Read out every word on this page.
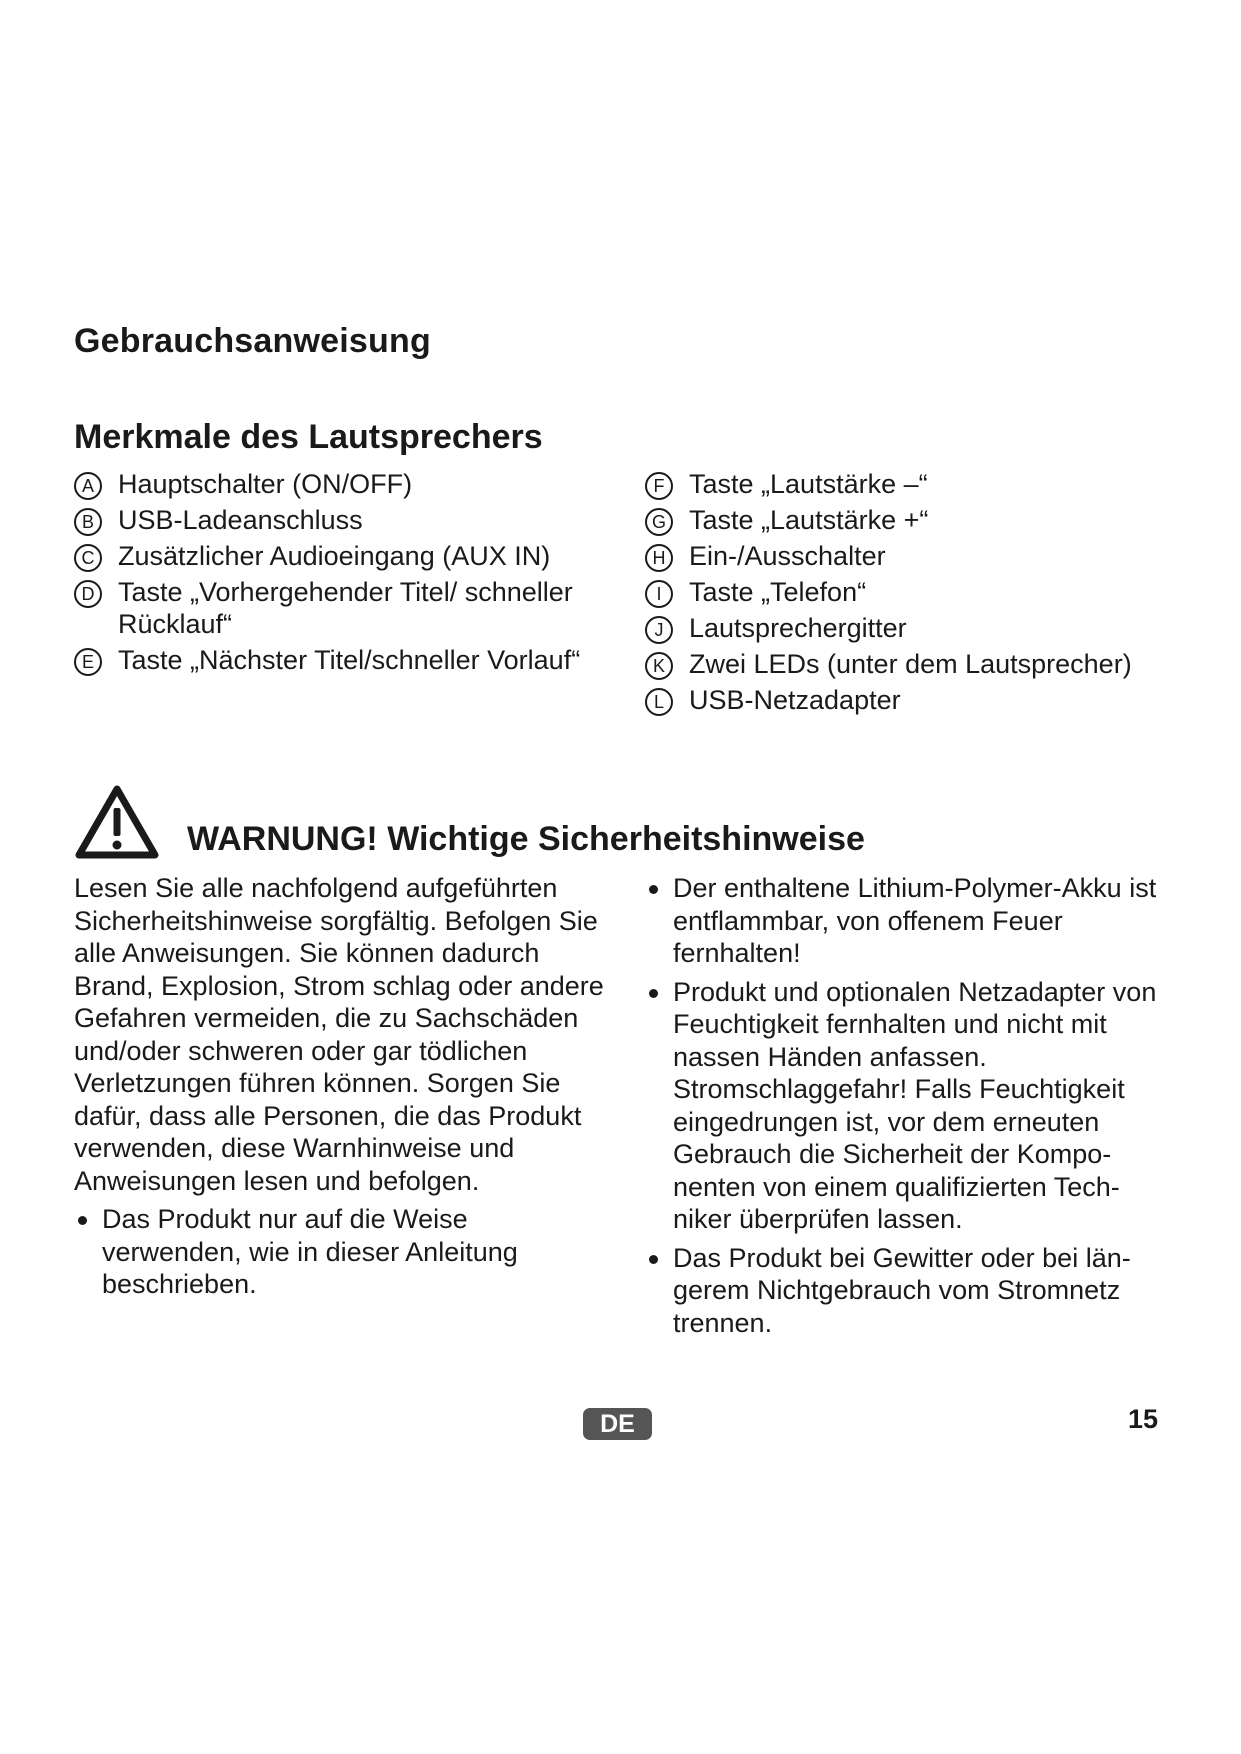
Gebrauchsanweisung
Merkmale des Lautsprechers
A Hauptschalter (ON/OFF)
B USB-Ladeanschluss
C Zusätzlicher Audioeingang (AUX IN)
D Taste „Vorhergehender Titel/ schneller Rücklauf“
E Taste „Nächster Titel/schneller Vorlauf“
F Taste „Lautstärke –“
G Taste „Lautstärke +“
H Ein-/Ausschalter
I	Taste „Telefon“
J Lautsprechergitter
K Zwei LEDs (unter dem Lautsprecher)
L USB-Netzadapter
WARNUNG! Wichtige Sicherheitshinweise

Lesen Sie alle nachfolgend aufgeführten Sicherheitshinweise sorgfältig. Befolgen Sie alle Anweisungen. Sie können dadurch Brand, Explosion, Strom schlag oder andere Gefahren vermeiden, die zu Sachschäden und/oder schweren oder gar tödlichen Verletzungen führen können. Sorgen Sie dafür, dass alle Personen, die das Produkt verwenden, diese Warnhinweise und Anweisungen lesen und befolgen.

Das Produkt nur auf die Weise verwenden, wie in dieser Anleitung beschrieben.
Der enthaltene Lithium-Polymer-Akku ist entflammbar, von offenem Feuer fernhalten!
Produkt und optionalen Netzadapter von Feuchtigkeit fernhalten und nicht mit nassen Händen anfassen. Stromschlaggefahr! Falls Feuchtigkeit eingedrungen ist, vor dem erneuten Gebrauch die Sicherheit der Kompo-nenten von einem qualifizierten Tech-niker überprüfen lassen.
Das Produkt bei Gewitter oder bei län-gerem Nichtgebrauch vom Stromnetz trennen.
DE	15
